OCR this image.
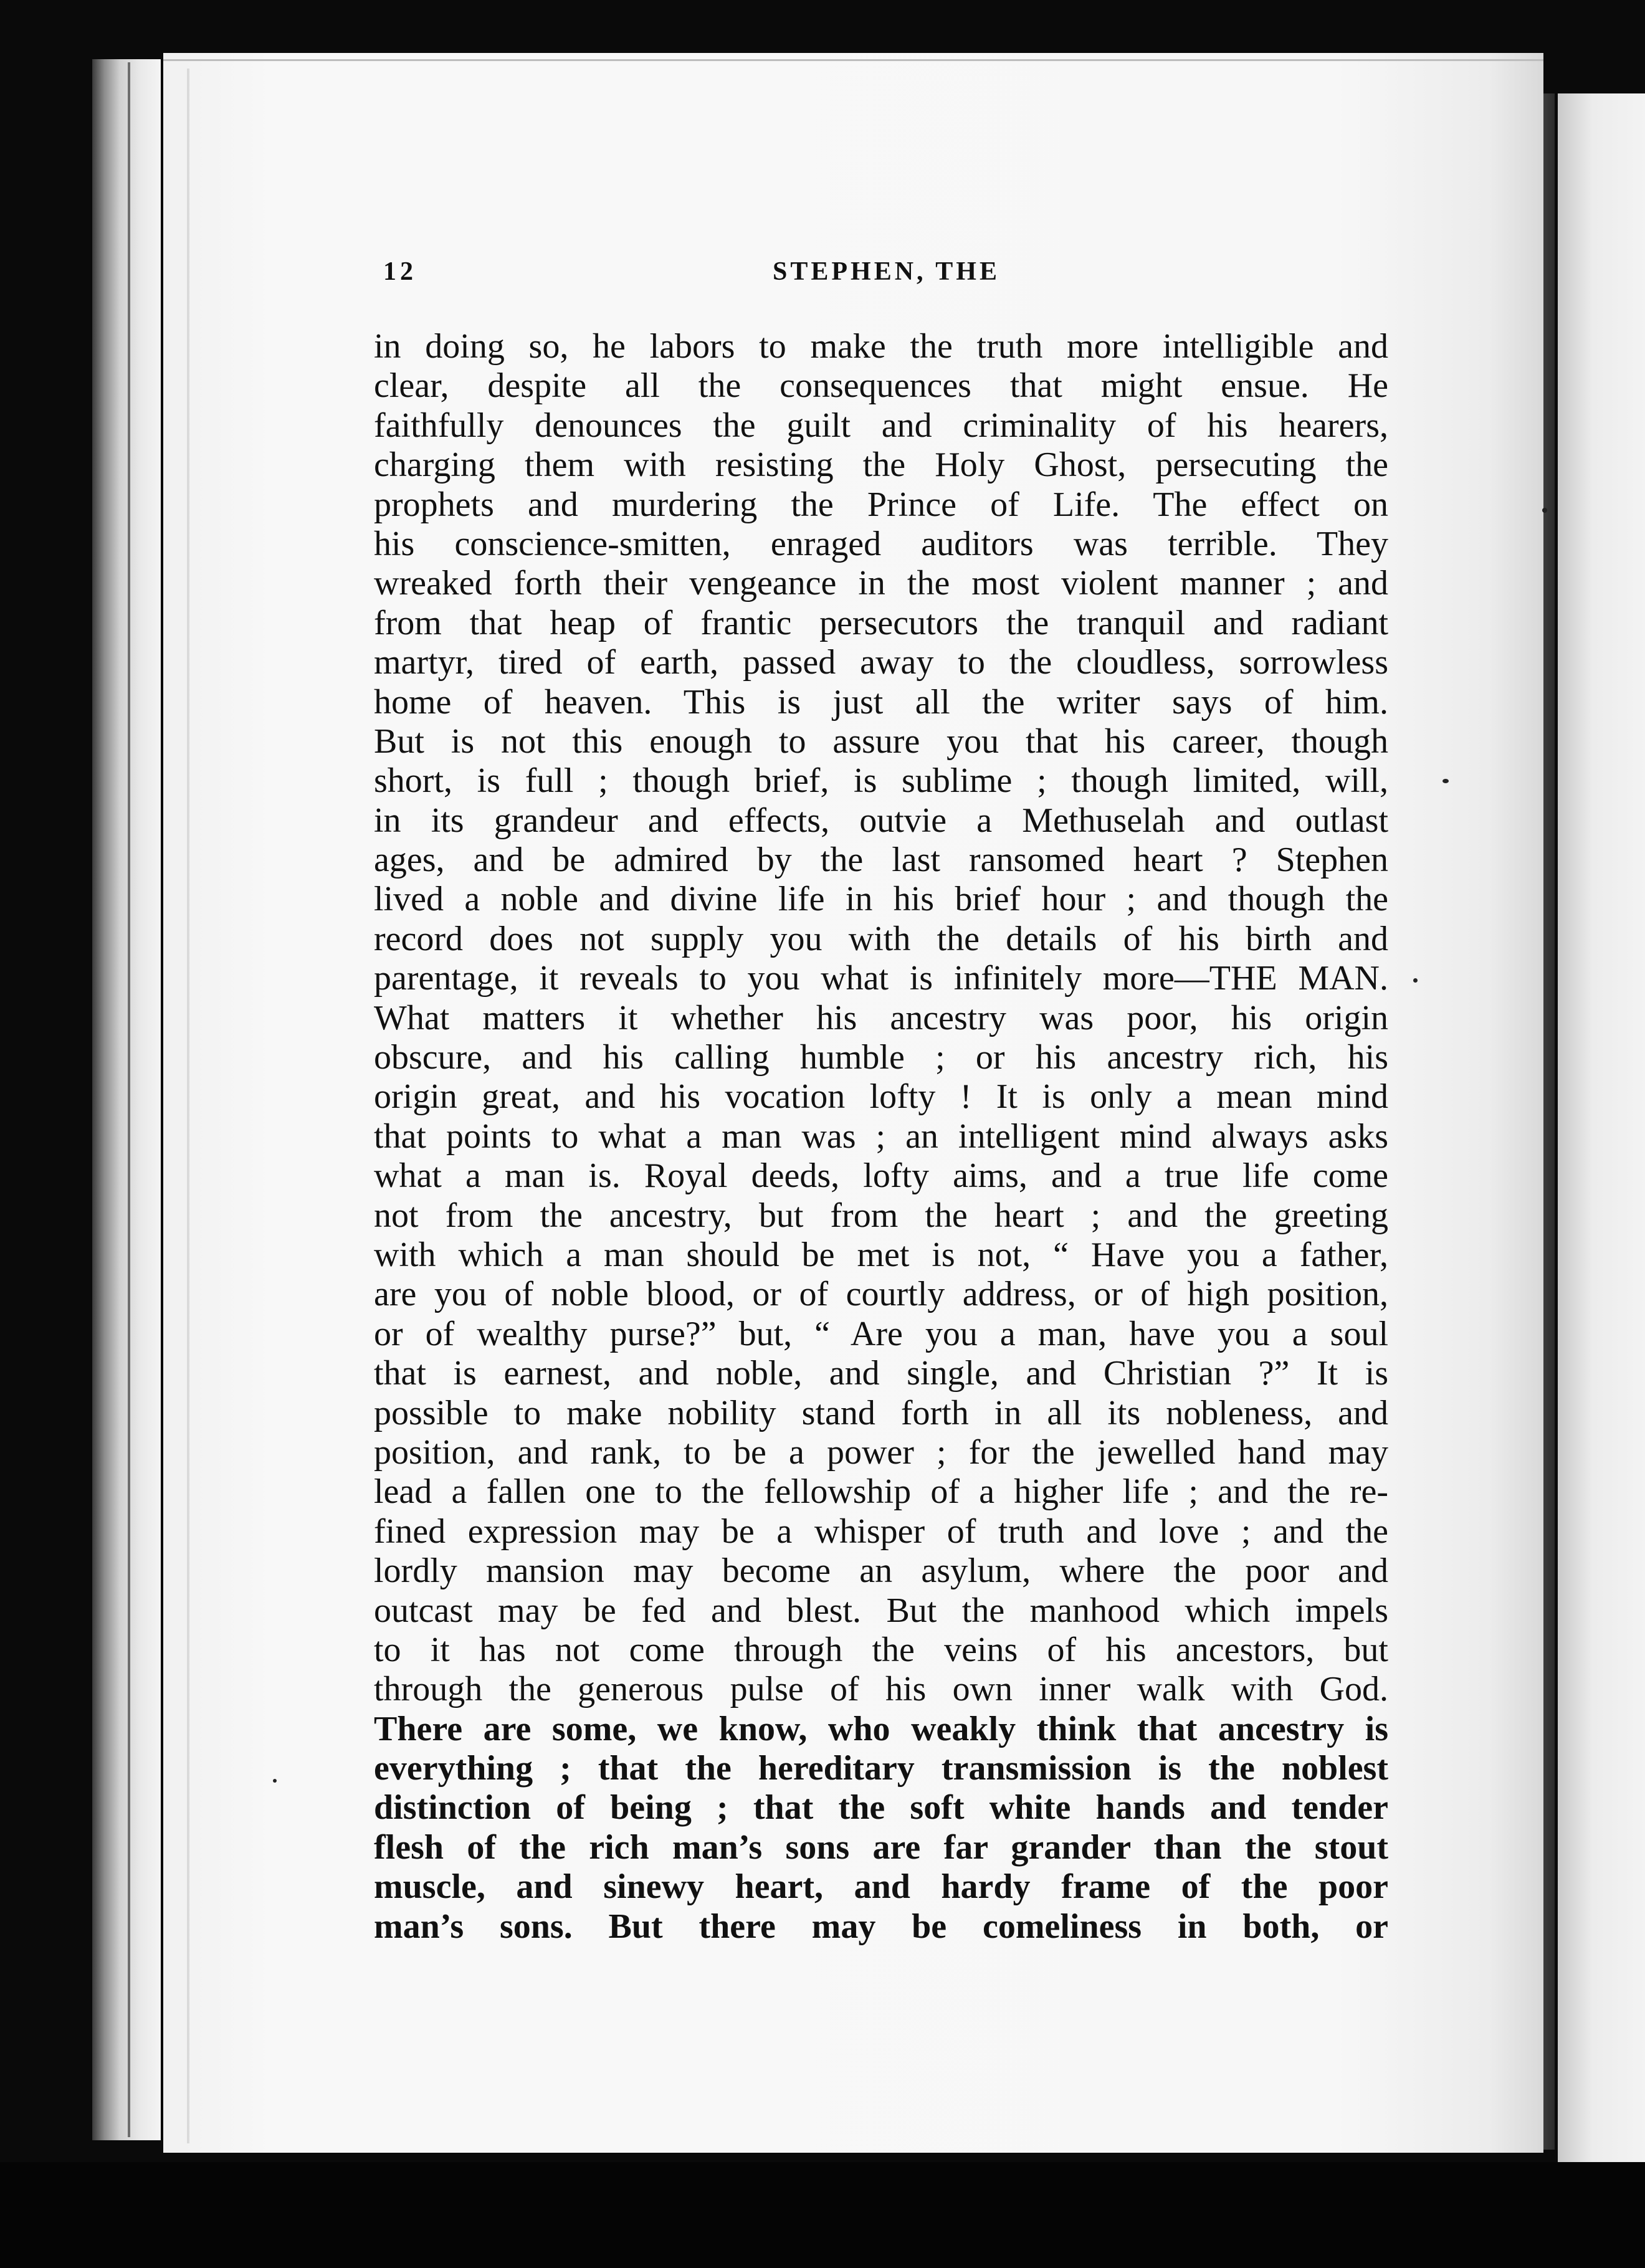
12	STEPHEN, THE
in doing so, he labors to make the truth more intelligible and
clear, despite all the consequences that might ensue. He
faithfully denounces the guilt and criminality of his hearers,
charging them with resisting the Holy Ghost, persecuting the
prophets and murdering the Prince of Life. The effect on
his conscience-smitten, enraged auditors was terrible. They
wreaked forth their vengeance in the most violent manner ; and
from that heap of frantic persecutors the tranquil and radiant
martyr, tired of earth, passed away to the cloudless, sorrowless
home of heaven. This is just all the writer says of him.
But is not this enough to assure you that his career, though
short, is full ; though brief, is sublime ; though limited, will,
in its grandeur and effects, outvie a Methuselah and outlast
ages, and be admired by the last ransomed heart ? Stephen
lived a noble and divine life in his brief hour ; and though the
record does not supply you with the details of his birth and
parentage, it reveals to you what is infinitely more—THE MAN.
What matters it whether his ancestry was poor, his origin
obscure, and his calling humble ; or his ancestry rich, his
origin great, and his vocation lofty ! It is only a mean mind
that points to what a man was ; an intelligent mind always asks
what a man is. Royal deeds, lofty aims, and a true life come
not from the ancestry, but from the heart ; and the greeting
with which a man should be met is not, “ Have you a father,
are you of noble blood, or of courtly address, or of high position,
or of wealthy purse?” but, “ Are you a man, have you a soul
that is earnest, and noble, and single, and Christian ?” It is
possible to make nobility stand forth in all its nobleness, and
position, and rank, to be a power ; for the jewelled hand may
lead a fallen one to the fellowship of a higher life ; and the re-
fined expression may be a whisper of truth and love ; and the
lordly mansion may become an asylum, where the poor and
outcast may be fed and blest. But the manhood which impels
to it has not come through the veins of his ancestors, but
through the generous pulse of his own inner walk with God.
There are some, we know, who weakly think that ancestry is
everything ; that the hereditary transmission is the noblest
distinction of being ; that the soft white hands and tender
flesh of the rich man’s sons are far grander than the stout
muscle, and sinewy heart, and hardy frame of the poor
man’s sons. But there may be comeliness in both, or
